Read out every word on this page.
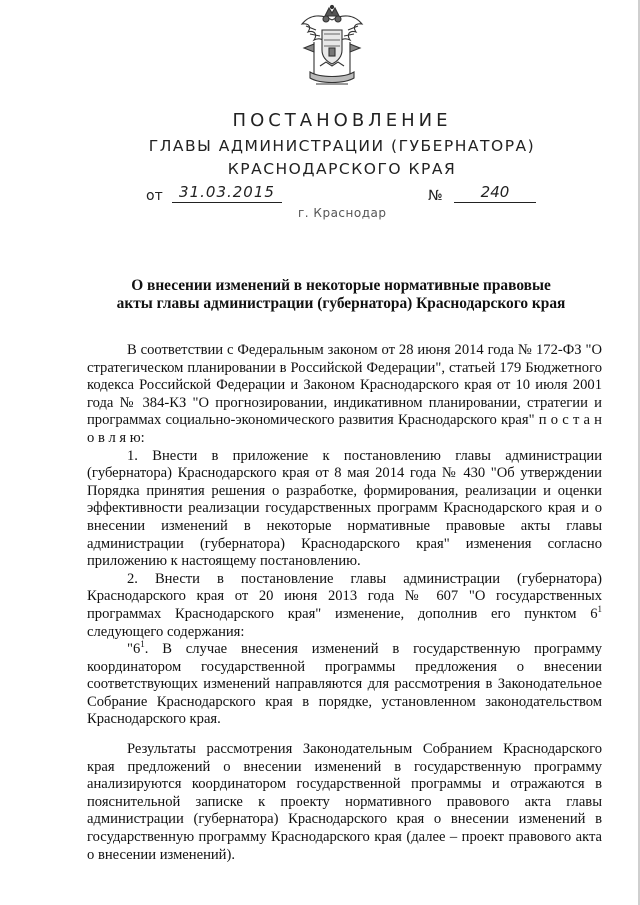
ПОСТАНОВЛЕНИЕ
ГЛАВЫ АДМИНИСТРАЦИИ (ГУБЕРНАТОРА)
КРАСНОДАРСКОГО КРАЯ
от	31.03.2015	№	240
г. Краснодар
О внесении изменений в некоторые нормативные правовые
акты главы администрации (губернатора) Краснодарского края

В соответствии с Федеральным законом от 28 июня 2014 года № 172-ФЗ "О стратегическом планировании в Российской Федерации", статьей 179 Бюджетного кодекса Российской Федерации и Законом Краснодарского края от 10 июля 2001 года № 384-КЗ "О прогнозировании, индикативном планировании, стратегии и программах социально-экономического развития Краснодарского края" п о с т а н о в л я ю:

1. Внести в приложение к постановлению главы администрации (губернатора) Краснодарского края от 8 мая 2014 года № 430 "Об утверждении Порядка принятия решения о разработке, формирования, реализации и оценки эффективности реализации государственных программ Краснодарского края и о внесении изменений в некоторые нормативные правовые акты главы администрации (губернатора) Краснодарского края" изменения согласно приложению к настоящему постановлению.

2. Внести в постановление главы администрации (губернатора) Краснодарского края от 20 июня 2013 года № 607 "О государственных программах Краснодарского края" изменение, дополнив его пунктом $6^1$ следующего содержания:

"$6^1$. В случае внесения изменений в государственную программу координатором государственной программы предложения о внесении соответствующих изменений направляются для рассмотрения в Законодательное Собрание Краснодарского края в порядке, установленном законодательством Краснодарского края.

Результаты рассмотрения Законодательным Собранием Краснодарского края предложений о внесении изменений в государственную программу анализируются координатором государственной программы и отражаются в пояснительной записке к проекту нормативного правового акта главы администрации (губернатора) Краснодарского края о внесении изменений в государственную программу Краснодарского края (далее – проект правового акта о внесении изменений).
